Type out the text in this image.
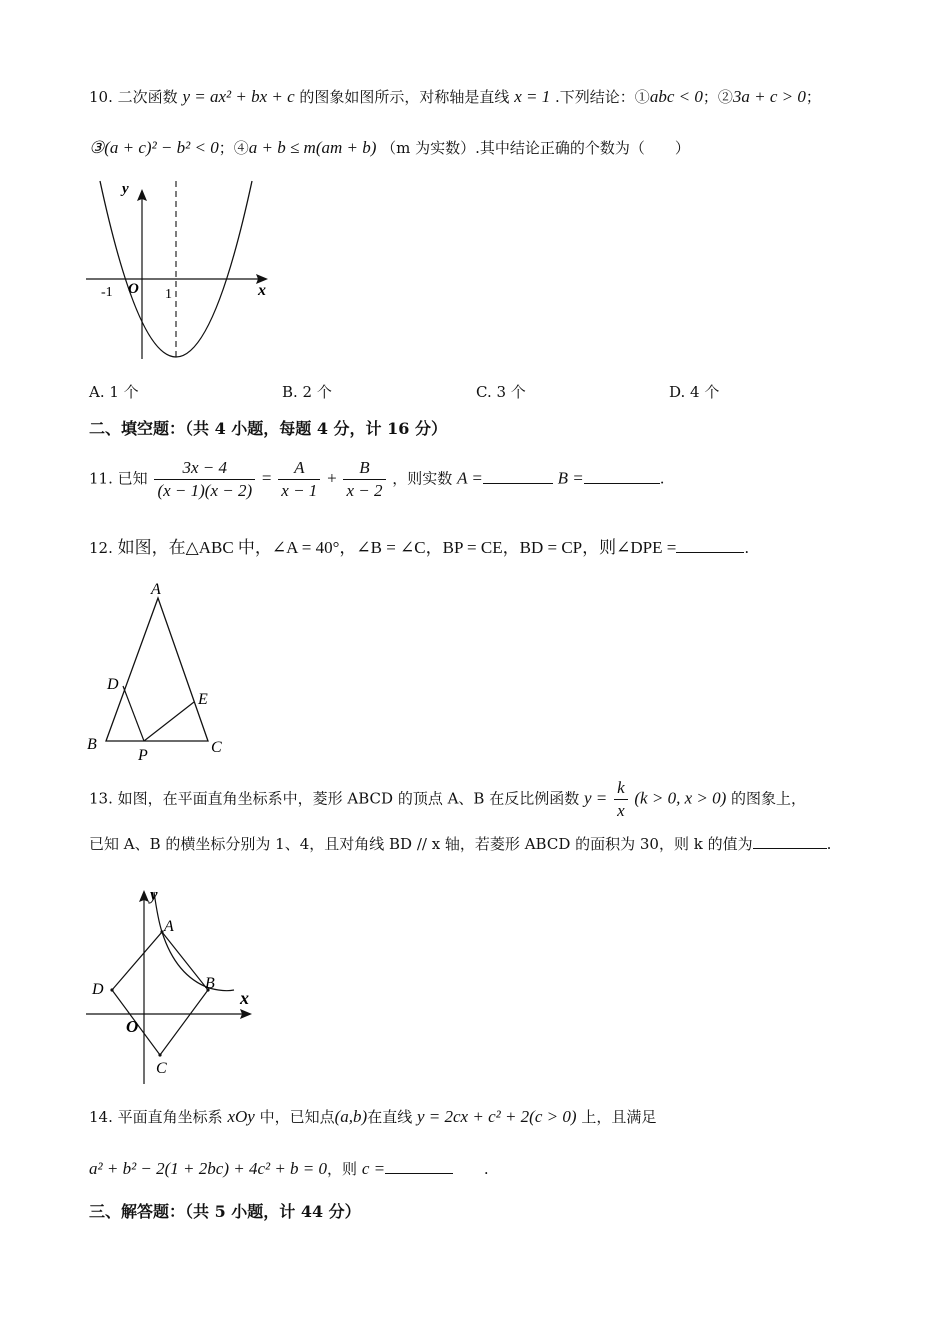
10. 二次函数 y = ax² + bx + c 的图象如图所示，对称轴是直线 x = 1 .下列结论：①abc < 0；②3a + c > 0；
③(a + c)² − b² < 0；④a + b ≤ m(am + b) （m 为实数）.其中结论正确的个数为（　　）
y
x
-1 O 1
A. 1 个	B. 2 个	C. 3 个	D. 4 个
二、填空题：（共 4 小题，每题 4 分，计 16 分）
11. 已知 $\frac{3x - 4}{(x - 1)(x - 2)} = \frac{A}{x - 1} + \frac{B}{x - 2}$ ，则实数 A =	B =	.
12. 如图，在△ABC 中，∠A = 40°，∠B = ∠C，BP = CE，BD = CP，则∠DPE =	.
A
D
E
B
P	C
13. 如图，在平面直角坐标系中，菱形 ABCD 的顶点 A、B 在反比例函数 $y = \frac{k}{x} (k > 0$, x > 0) 的图象上，
已知 A、B 的横坐标分别为 1、4，且对角线 BD // x 轴，若菱形 ABCD 的面积为 30，则 k 的值为	.
y
A
B
x
D
O
C
14. 平面直角坐标系 xOy 中，已知点(a,b)在直线 y = 2cx + c² + 2(c > 0) 上，且满足
a² + b² − 2(1 + 2bc) + 4c² + b = 0，则 c =	.
三、解答题：（共 5 小题，计 44 分）
